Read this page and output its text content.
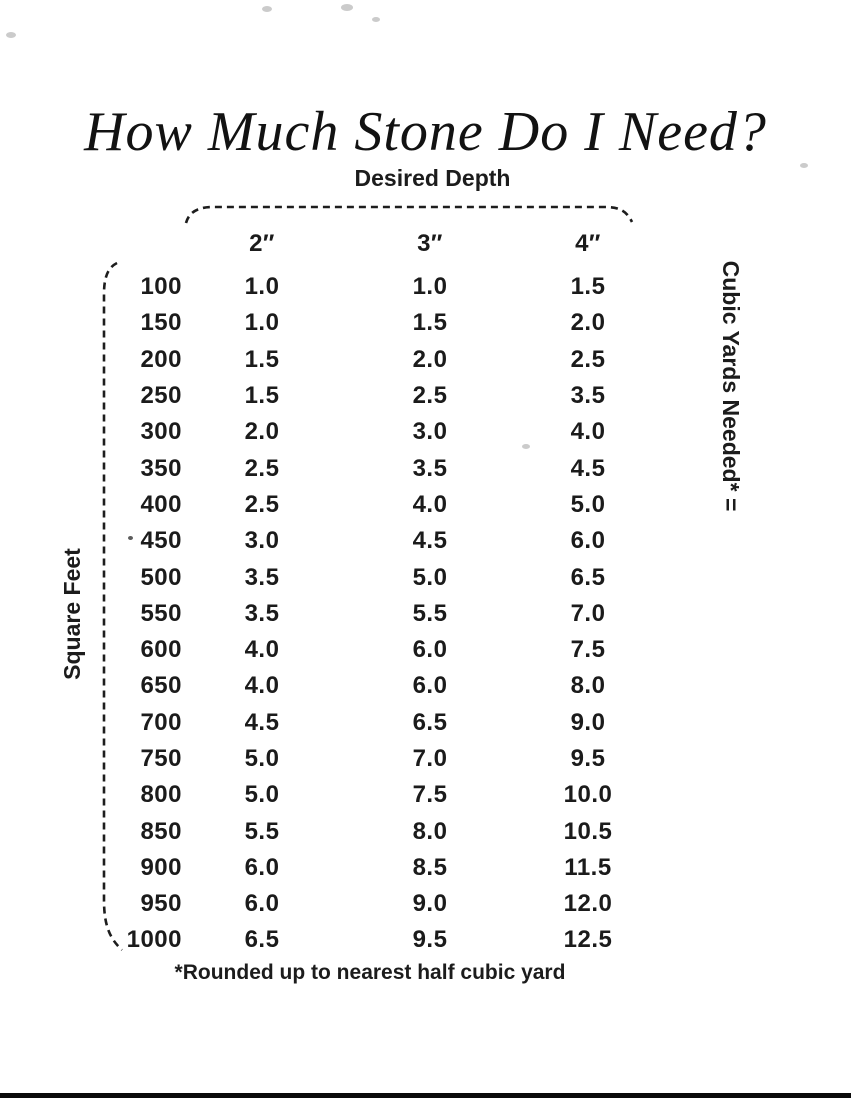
How Much Stone Do I Need?
Desired Depth
2″	3″	4″
100	1.0	1.0	1.5
150	1.0	1.5	2.0
200	1.5	2.0	2.5
250	1.5	2.5	3.5
300	2.0	3.0	4.0
350	2.5	3.5	4.5
400	2.5	4.0	5.0
450	3.0	4.5	6.0
500	3.5	5.0	6.5
550	3.5	5.5	7.0
600	4.0	6.0	7.5
650	4.0	6.0	8.0
700	4.5	6.5	9.0
750	5.0	7.0	9.5
800	5.0	7.5	10.0
850	5.5	8.0	10.5
900	6.0	8.5	11.5
950	6.0	9.0	12.0
1000	6.5	9.5	12.5
*Rounded up to nearest half cubic yard
Square Feet
Cubic Yards Needed* =
